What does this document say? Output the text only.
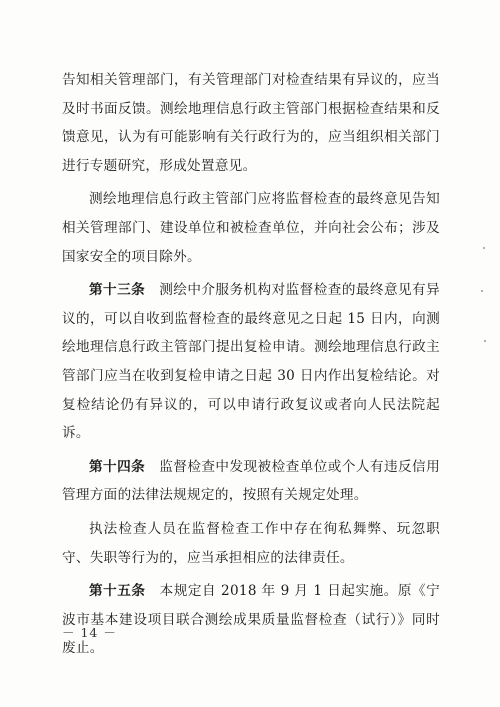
告知相关管理部门，有关管理部门对检查结果有异议的，应当及时书面反馈。测绘地理信息行政主管部门根据检查结果和反馈意见，认为有可能影响有关行政行为的，应当组织相关部门进行专题研究，形成处置意见。

测绘地理信息行政主管部门应将监督检查的最终意见告知相关管理部门、建设单位和被检查单位，并向社会公布；涉及国家安全的项目除外。

第十三条　测绘中介服务机构对监督检查的最终意见有异议的，可以自收到监督检查的最终意见之日起 15 日内，向测绘地理信息行政主管部门提出复检申请。测绘地理信息行政主管部门应当在收到复检申请之日起 30 日内作出复检结论。对复检结论仍有异议的，可以申请行政复议或者向人民法院起诉。

第十四条　监督检查中发现被检查单位或个人有违反信用管理方面的法律法规规定的，按照有关规定处理。

执法检查人员在监督检查工作中存在徇私舞弊、玩忽职守、失职等行为的，应当承担相应的法律责任。

第十五条　本规定自 2018 年 9 月 1 日起实施。原《宁波市基本建设项目联合测绘成果质量监督检查（试行）》同时废止。

－ 14 －
